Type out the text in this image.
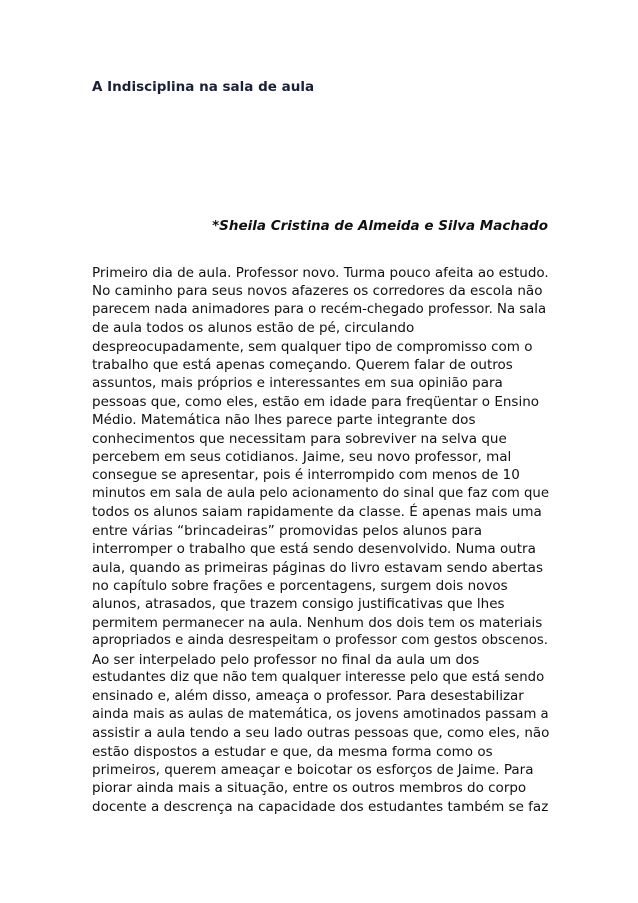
A Indisciplina na sala de aula

*Sheila Cristina de Almeida e Silva Machado

Primeiro dia de aula. Professor novo. Turma pouco afeita ao estudo.
No caminho para seus novos afazeres os corredores da escola não
parecem nada animadores para o recém-chegado professor. Na sala
de aula todos os alunos estão de pé, circulando
despreocupadamente, sem qualquer tipo de compromisso com o
trabalho que está apenas começando. Querem falar de outros
assuntos, mais próprios e interessantes em sua opinião para
pessoas que, como eles, estão em idade para freqüentar o Ensino
Médio. Matemática não lhes parece parte integrante dos
conhecimentos que necessitam para sobreviver na selva que
percebem em seus cotidianos. Jaime, seu novo professor, mal
consegue se apresentar, pois é interrompido com menos de 10
minutos em sala de aula pelo acionamento do sinal que faz com que
todos os alunos saiam rapidamente da classe. É apenas mais uma
entre várias “brincadeiras” promovidas pelos alunos para
interromper o trabalho que está sendo desenvolvido. Numa outra
aula, quando as primeiras páginas do livro estavam sendo abertas
no capítulo sobre frações e porcentagens, surgem dois novos
alunos, atrasados, que trazem consigo justificativas que lhes
permitem permanecer na aula. Nenhum dos dois tem os materiais
apropriados e ainda desrespeitam o professor com gestos obscenos.
Ao ser interpelado pelo professor no final da aula um dos
estudantes diz que não tem qualquer interesse pelo que está sendo
ensinado e, além disso, ameaça o professor. Para desestabilizar
ainda mais as aulas de matemática, os jovens amotinados passam a
assistir a aula tendo a seu lado outras pessoas que, como eles, não
estão dispostos a estudar e que, da mesma forma como os
primeiros, querem ameaçar e boicotar os esforços de Jaime. Para
piorar ainda mais a situação, entre os outros membros do corpo
docente a descrença na capacidade dos estudantes também se faz
